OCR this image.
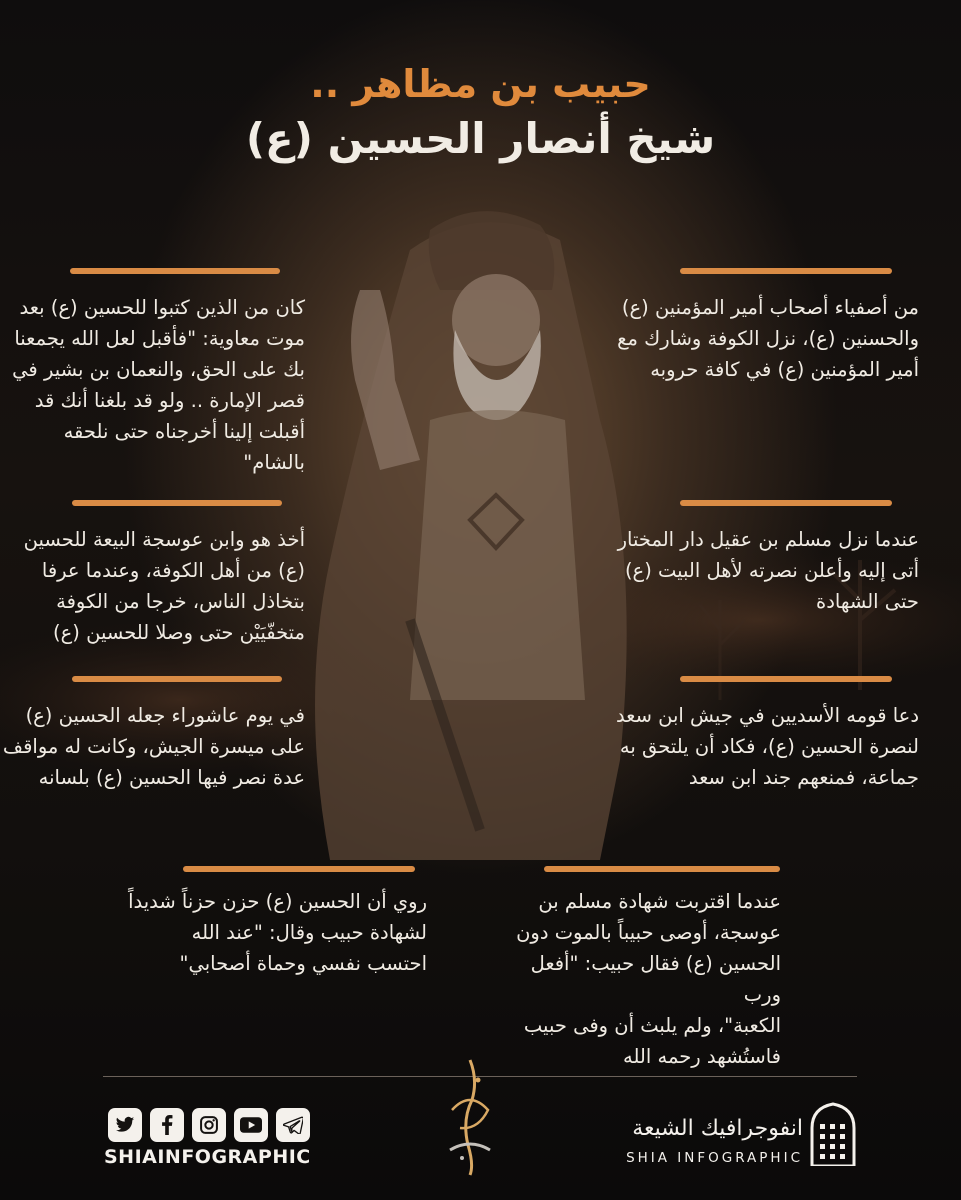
حبيب بن مظاهر ..
شيخ أنصار الحسين (ع)
كان من الذين كتبوا للحسين (ع) بعد
موت معاوية: "فأقبل لعل الله يجمعنا
بك على الحق، والنعمان بن بشير في
قصر الإمارة .. ولو قد بلغنا أنك قد
أقبلت إلينا أخرجناه حتى نلحقه
بالشام"
أخذ هو وابن عوسجة البيعة للحسين
(ع) من أهل الكوفة، وعندما عرفا
بتخاذل الناس، خرجا من الكوفة
متخفّيَيْن حتى وصلا للحسين (ع)
في يوم عاشوراء جعله الحسين (ع)
على ميسرة الجيش، وكانت له مواقف
عدة نصر فيها الحسين (ع) بلسانه
روي أن الحسين (ع) حزن حزناً شديداً
لشهادة حبيب وقال: "عند الله
احتسب نفسي وحماة أصحابي"
من أصفياء أصحاب أمير المؤمنين (ع)
والحسنين (ع)، نزل الكوفة وشارك مع
أمير المؤمنين (ع) في كافة حروبه
عندما نزل مسلم بن عقيل دار المختار
أتى إليه وأعلن نصرته لأهل البيت (ع)
حتى الشهادة
دعا قومه الأسديين في جيش ابن سعد
لنصرة الحسين (ع)، فكاد أن يلتحق به
جماعة، فمنعهم جند ابن سعد
عندما اقتربت شهادة مسلم بن
عوسجة، أوصى حبيباً بالموت دون
الحسين (ع) فقال حبيب: "أفعل ورب
الكعبة"، ولم يلبث أن وفى حبيب
فاستُشهد رحمه الله
SHIAINFOGRAPHIC
انفوجرافيك الشيعة
SHIA INFOGRAPHIC
